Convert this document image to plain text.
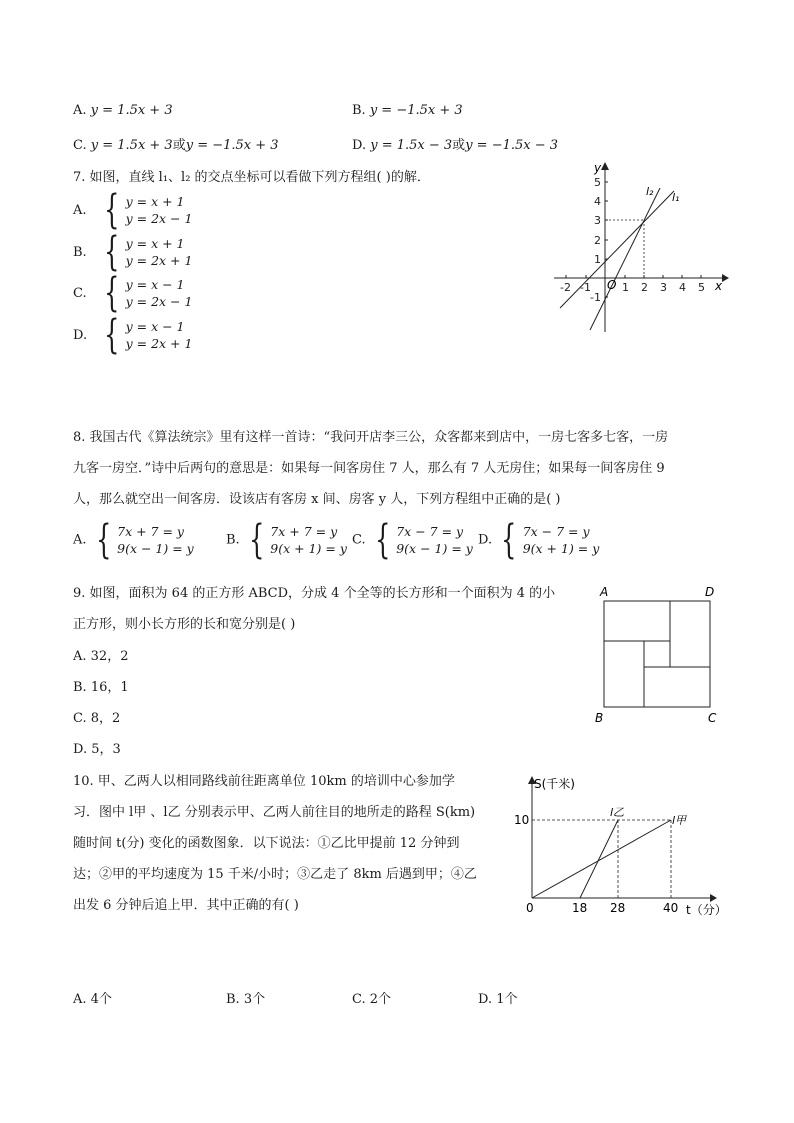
A. y = 1.5x + 3	B. y = −1.5x + 3
C. y = 1.5x + 3或y = −1.5x + 3	D. y = 1.5x − 3或y = −1.5x − 3
7. 如图，直线 l₁、l₂ 的交点坐标可以看做下列方程组( )的解．
A. { y = x + 1
y = 2x − 1
B. { y = x + 1
y = 2x + 1
C. { y = x − 1
y = 2x − 1
D. { y = x − 1
y = 2x + 1
y
x
O
l₁
l₂
-2 -1	1 2 3 4 5
-1
1
2
3
4
5
8. 我国古代《算法统宗》里有这样一首诗：“我问开店李三公，众客都来到店中，一房七客多七客，一房
九客一房空．”诗中后两句的意思是：如果每一间客房住 7 人，那么有 7 人无房住；如果每一间客房住 9
人，那么就空出一间客房．设该店有客房 x 间、房客 y 人，下列方程组中正确的是( )
A. { 7x + 7 = y
9(x − 1) = y
B. { 7x + 7 = y
9(x + 1) = y
C. { 7x − 7 = y
9(x − 1) = y
D. { 7x − 7 = y
9(x + 1) = y
9. 如图，面积为 64 的正方形 ABCD，分成 4 个全等的长方形和一个面积为 4 的小
正方形，则小长方形的长和宽分别是( )
A. 32，2
B. 16，1
C. 8，2
D. 5，3
A	D
B	C
10. 甲、乙两人以相同路线前往距离单位 10km 的培训中心参加学
习．图中 l甲 、l乙 分别表示甲、乙两人前往目的地所走的路程 S(km)
随时间 t(分) 变化的函数图象．以下说法：①乙比甲提前 12 分钟到
达；②甲的平均速度为 15 千米/小时；③乙走了 8km 后遇到甲；④乙
出发 6 分钟后追上甲．其中正确的有( )
A. 4个	B. 3个	C. 2个	D. 1个
S(千米)
t（分）
l乙
l甲
10
0	18 28	40
